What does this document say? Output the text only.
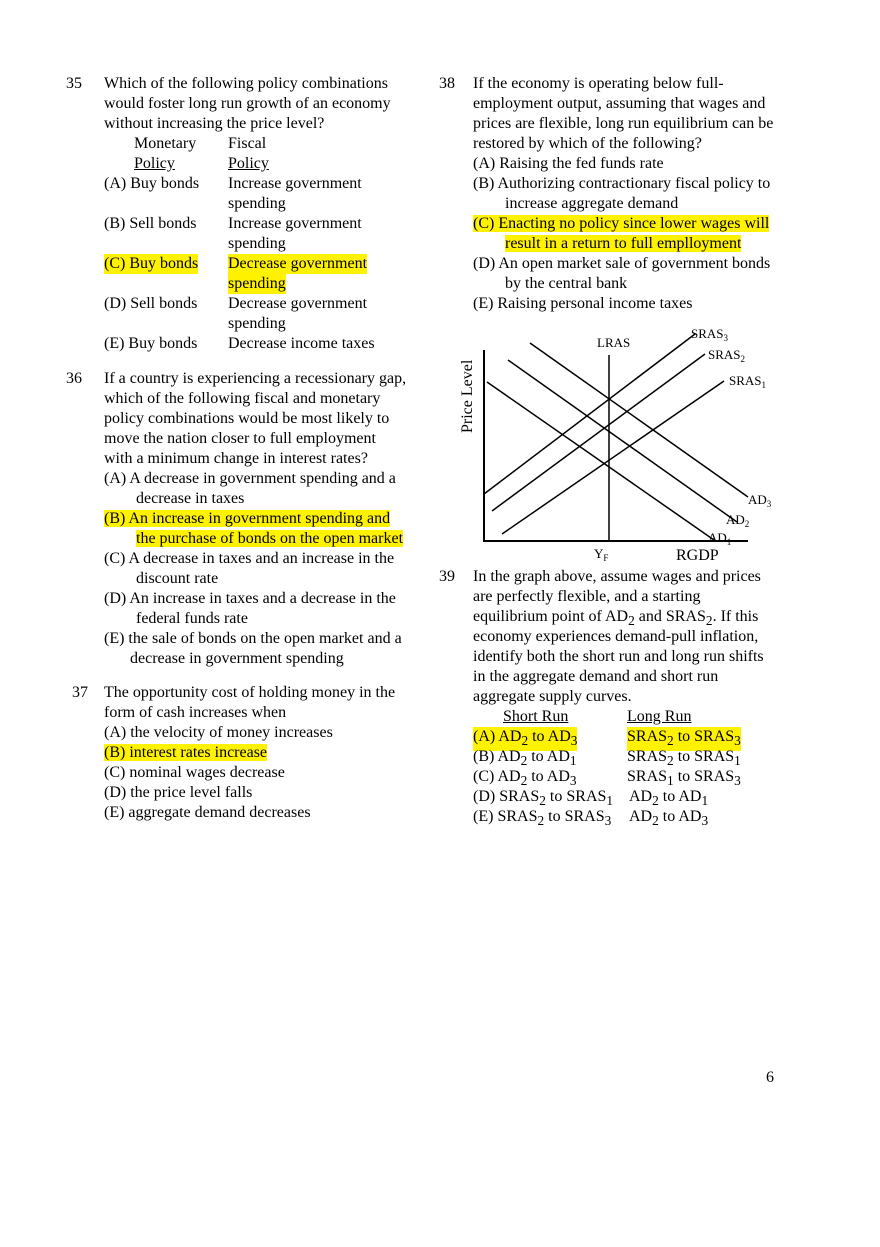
35 Which of the following policy combinations
would foster long run growth of an economy
without increasing the price level?
Monetary Fiscal
Policy	Policy
(A) Buy bonds Increase government
spending
(B) Sell bonds Increase government
spending
(C) Buy bonds Decrease government
spending
(D) Sell bonds Decrease government
spending
(E) Buy bonds Decrease income taxes
36 If a country is experiencing a recessionary gap,
which of the following fiscal and monetary
policy combinations would be most likely to
move the nation closer to full employment
with a minimum change in interest rates?
(A) A decrease in government spending and a
decrease in taxes
(B) An increase in government spending and
the purchase of bonds on the open market
(C) A decrease in taxes and an increase in the
discount rate
(D) An increase in taxes and a decrease in the
federal funds rate
(E) the sale of bonds on the open market and a
decrease in government spending
37 The opportunity cost of holding money in the
form of cash increases when
(A) the velocity of money increases
(B) interest rates increase
(C) nominal wages decrease
(D) the price level falls
(E) aggregate demand decreases
38 If the economy is operating below full-
employment output, assuming that wages and
prices are flexible, long run equilibrium can be
restored by which of the following?
(A) Raising the fed funds rate
(B) Authorizing contractionary fiscal policy to
increase aggregate demand
(C) Enacting no policy since lower wages will
result in a return to full emplloyment
(D) An open market sale of government bonds
by the central bank
(E) Raising personal income taxes
Price Level
LRAS
$SRAS_3$
$SRAS_2$
$SRAS_1$
$AD_3$
$AD_2$
$AD_1$
$Y_F$	RGDP
39 In the graph above, assume wages and prices
are perfectly flexible, and a starting
equilibrium point of $AD_2$ and $SRAS_2$. If this
economy experiences demand-pull inflation,
identify both the short run and long run shifts
in the aggregate demand and short run
aggregate supply curves.
Short Run	Long Run
(A) $AD_2$ to $AD_3$	$SRAS_2$ to $SRAS_3$
(B) $AD_2$ to $AD_1$	$SRAS_2$ to $SRAS_1$
(C) $AD_2$ to $AD_3$	$SRAS_1$ to $SRAS_3$
(D) $SRAS_2$ to $SRAS_1$ $AD_2$ to $AD_1$
(E) $SRAS_2$ to $SRAS_3$ $AD_2$ to $AD_3$
6
